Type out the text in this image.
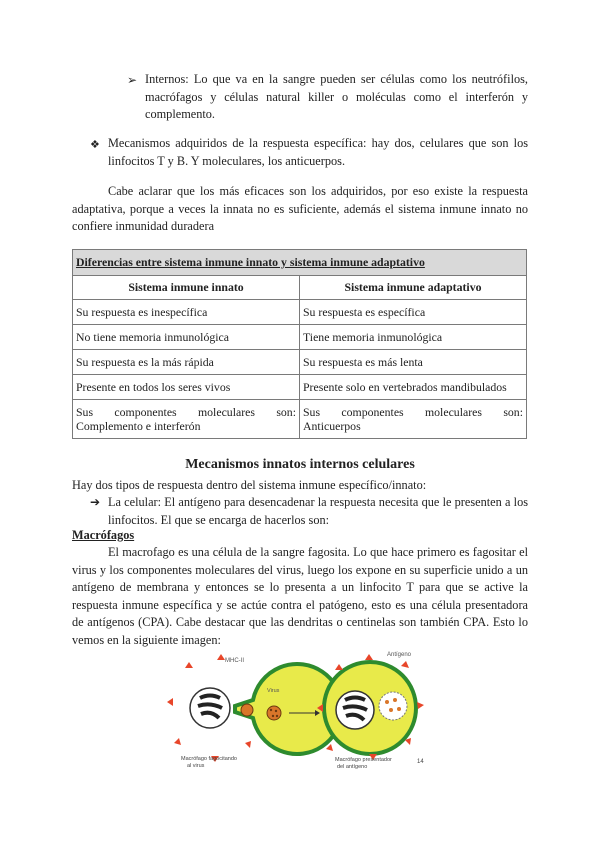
➢ Internos: Lo que va en la sangre pueden ser células como los neutrófilos, macrófagos y células natural killer o moléculas como el interferón y complemento.

❖ Mecanismos adquiridos de la respuesta específica: hay dos, celulares que son los linfocitos T y B. Y moleculares, los anticuerpos.

Cabe aclarar que los más eficaces son los adquiridos, por eso existe la respuesta adaptativa, porque a veces la innata no es suficiente, además el sistema inmune innato no confiere inmunidad duradera

Diferencias entre sistema inmune innato y sistema inmune adaptativo	
Sistema inmune innato	Sistema inmune adaptativo
Su respuesta es inespecífica	Su respuesta es específica
No tiene memoria inmunológica	Tiene memoria inmunológica
Su respuesta es la más rápida	Su respuesta es más lenta
Presente en todos los seres vivos	Presente solo en vertebrados mandibulados
Sus componentes moleculares son: Complemento e interferón	Sus componentes moleculares son: Anticuerpos
Mecanismos innatos internos celulares

Hay dos tipos de respuesta dentro del sistema inmune específico/innato:

➔ La celular: El antígeno para desencadenar la respuesta necesita que le presenten a los linfocitos. El que se encarga de hacerlos son:

Macrófagos

El macrofago es una célula de la sangre fagosita. Lo que hace primero es fagositar el virus y los componentes moleculares del virus, luego los expone en su superficie unido a un antígeno de membrana y entonces se lo presenta a un linfocito T para que se active la respuesta inmune específica y se actúe contra el patógeno, esto es una célula presentadora de antígenos (CPA). Cabe destacar que las dendritas o centinelas son también CPA. Esto lo vemos en la siguiente imagen:

MHC-II
Virus
Antígeno
Macrófago fagocitando
al virus
Macrófago presentador
del antígeno
14
